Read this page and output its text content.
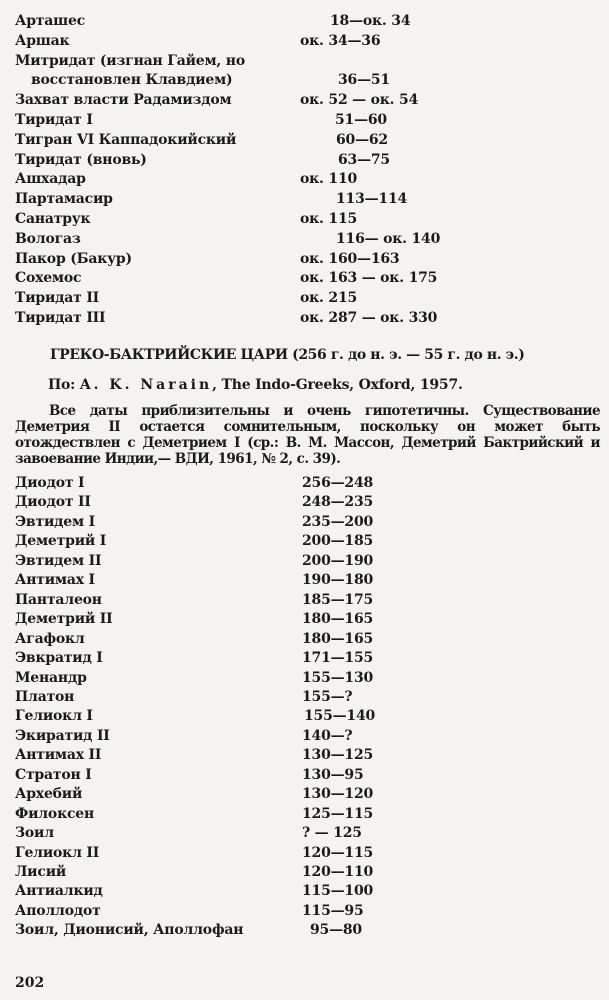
Арташес	18—ок. 34
Аршак	ок. 34—36
Митридат (изгнан Гайем, но
восстановлен Клавдием)	36—51
Захват власти Радамиздом	ок. 52 — ок. 54
Тиридат I	51—60
Тигран VI Каппадокийский	60—62
Тиридат (вновь)	63—75
Ашхадар	ок. 110
Партамасир	113—114
Санатрук	ок. 115
Вологаз	116— ок. 140
Пакор (Бакур)	ок. 160—163
Сохемос	ок. 163 — ок. 175
Тиридат II	ок. 215
Тиридат III	ок. 287 — ок. 330
ГРЕКО-БАКТРИЙСКИЕ ЦАРИ (256 г. до н. э. — 55 г. до н. э.)
По: A. K. Narain, The Indo-Greeks, Oxford, 1957.
Все даты приблизительны и очень гипотетичны. Существование Деметрия II остается сомнительным, поскольку он может быть отождествлен с Деметрием I (ср.: В. М. Массон, Деметрий Бактрийский и завоевание Индии,— ВДИ, 1961, № 2, с. 39).
Диодот I	256—248
Диодот II	248—235
Эвтидем I	235—200
Деметрий I	200—185
Эвтидем II	200—190
Антимах I	190—180
Панталеон	185—175
Деметрий II	180—165
Агафокл	180—165
Эвкратид I	171—155
Менандр	155—130
Платон	155—?
Гелиокл I	155—140
Экиратид II	140—?
Антимах II	130—125
Стратон I	130—95
Архебий	130—120
Филоксен	125—115
Зоил	? — 125
Гелиокл II	120—115
Лисий	120—110
Антиалкид	115—100
Аполлодот	115—95
Зоил, Дионисий, Аполлофан	95—80
202
